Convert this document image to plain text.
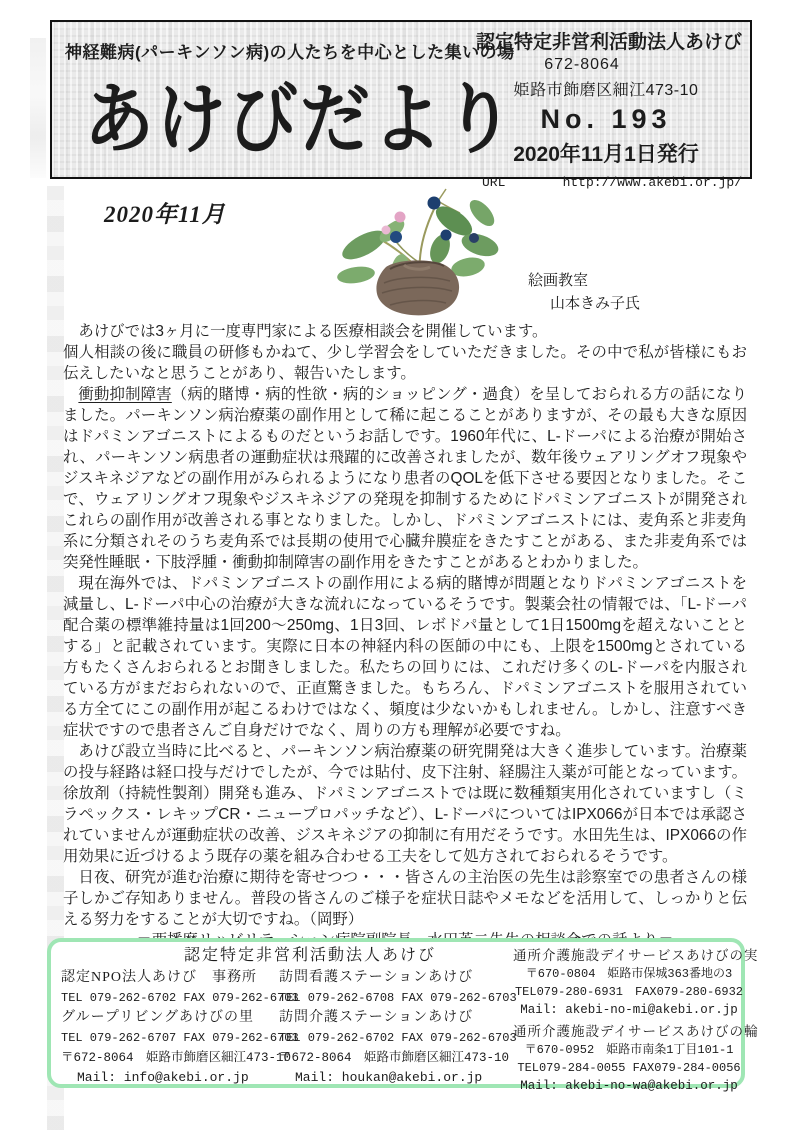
神経難病(パーキンソン病)の人たちを中心とした集いの場
あけびだより
認定特定非営利活動法人あけび
672-8064
姫路市飾磨区細江473-10
No. 193
2020年11月1日発行
URL	http://www.akebi.or.jp/
2020年11月
絵画教室
山本きみ子氏

あけびでは3ヶ月に一度専門家による医療相談会を開催しています。

個人相談の後に職員の研修もかねて、少し学習会をしていただきました。その中で私が皆様にもお伝えしたいなと思うことがあり、報告いたします。

衝動抑制障害（病的賭博・病的性欲・病的ショッピング・過食）を呈しておられる方の話になりました。パーキンソン病治療薬の副作用として稀に起こることがありますが、その最も大きな原因はドパミンアゴニストによるものだというお話しです。1960年代に、L-ドーパによる治療が開始され、パーキンソン病患者の運動症状は飛躍的に改善されましたが、数年後ウェアリングオフ現象やジスキネジアなどの副作用がみられるようになり患者のQOLを低下させる要因となりました。そこで、ウェアリングオフ現象やジスキネジアの発現を抑制するためにドパミンアゴニストが開発されこれらの副作用が改善される事となりました。しかし、ドパミンアゴニストには、麦角系と非麦角系に分類されそのうち麦角系では長期の使用で心臓弁膜症をきたすことがある、また非麦角系では突発性睡眠・下肢浮腫・衝動抑制障害の副作用をきたすことがあるとわかりました。

現在海外では、ドパミンアゴニストの副作用による病的賭博が問題となりドパミンアゴニストを減量し、L-ドーパ中心の治療が大きな流れになっているそうです。製薬会社の情報では、「L-ドーパ配合薬の標準維持量は1回200～250mg、1日3回、レボドパ量として1日1500mgを超えないこととする」と記載されています。実際に日本の神経内科の医師の中にも、上限を1500mgとされている方もたくさんおられるとお聞きしました。私たちの回りには、これだけ多くのL-ドーパを内服されている方がまだおられないので、正直驚きました。もちろん、ドパミンアゴニストを服用されている方全てにこの副作用が起こるわけではなく、頻度は少ないかもしれません。しかし、注意すべき症状ですので患者さんご自身だけでなく、周りの方も理解が必要ですね。

あけび設立当時に比べると、パーキンソン病治療薬の研究開発は大きく進歩しています。治療薬の投与経路は経口投与だけでしたが、今では貼付、皮下注射、経腸注入薬が可能となっています。徐放剤（持続性製剤）開発も進み、ドパミンアゴニストでは既に数種類実用化されていますし（ミラペックス・レキップCR・ニュープロパッチなど）、L-ドーパについてはIPX066が日本では承認されていませんが運動症状の改善、ジスキネジアの抑制に有用だそうです。水田先生は、IPX066の作用効果に近づけるよう既存の薬を組み合わせる工夫をして処方されておられるそうです。

日夜、研究が進む治療に期待を寄せつつ・・・皆さんの主治医の先生は診察室での患者さんの様子しかご存知ありません。普段の皆さんのご様子を症状日誌やメモなどを活用して、しっかりと伝える努力をすることが大切ですね。（岡野）

認定特定非営利活動法人あけび
認定NPO法人あけび　事務所
TEL 079-262-6702 FAX 079-262-6703
グループリビングあけびの里
TEL 079-262-6707 FAX 079-262-6703
〒672-8064　姫路市飾磨区細江473-10
Mail: info@akebi.or.jp
訪問看護ステーションあけび
TEL 079-262-6708 FAX 079-262-6703
訪問介護ステーションあけび
TEL 079-262-6702 FAX 079-262-6703
〒672-8064　姫路市飾磨区細江473-10
Mail: houkan@akebi.or.jp
通所介護施設デイサービスあけびの実
〒670-0804　姫路市保城363番地の3
TEL079-280-6931　FAX079-280-6932
Mail: akebi-no-mi@akebi.or.jp
通所介護施設デイサービスあけびの輪
〒670-0952　姫路市南条1丁目101-1
TEL079-284-0055 FAX079-284-0056
Mail: akebi-no-wa@akebi.or.jp
